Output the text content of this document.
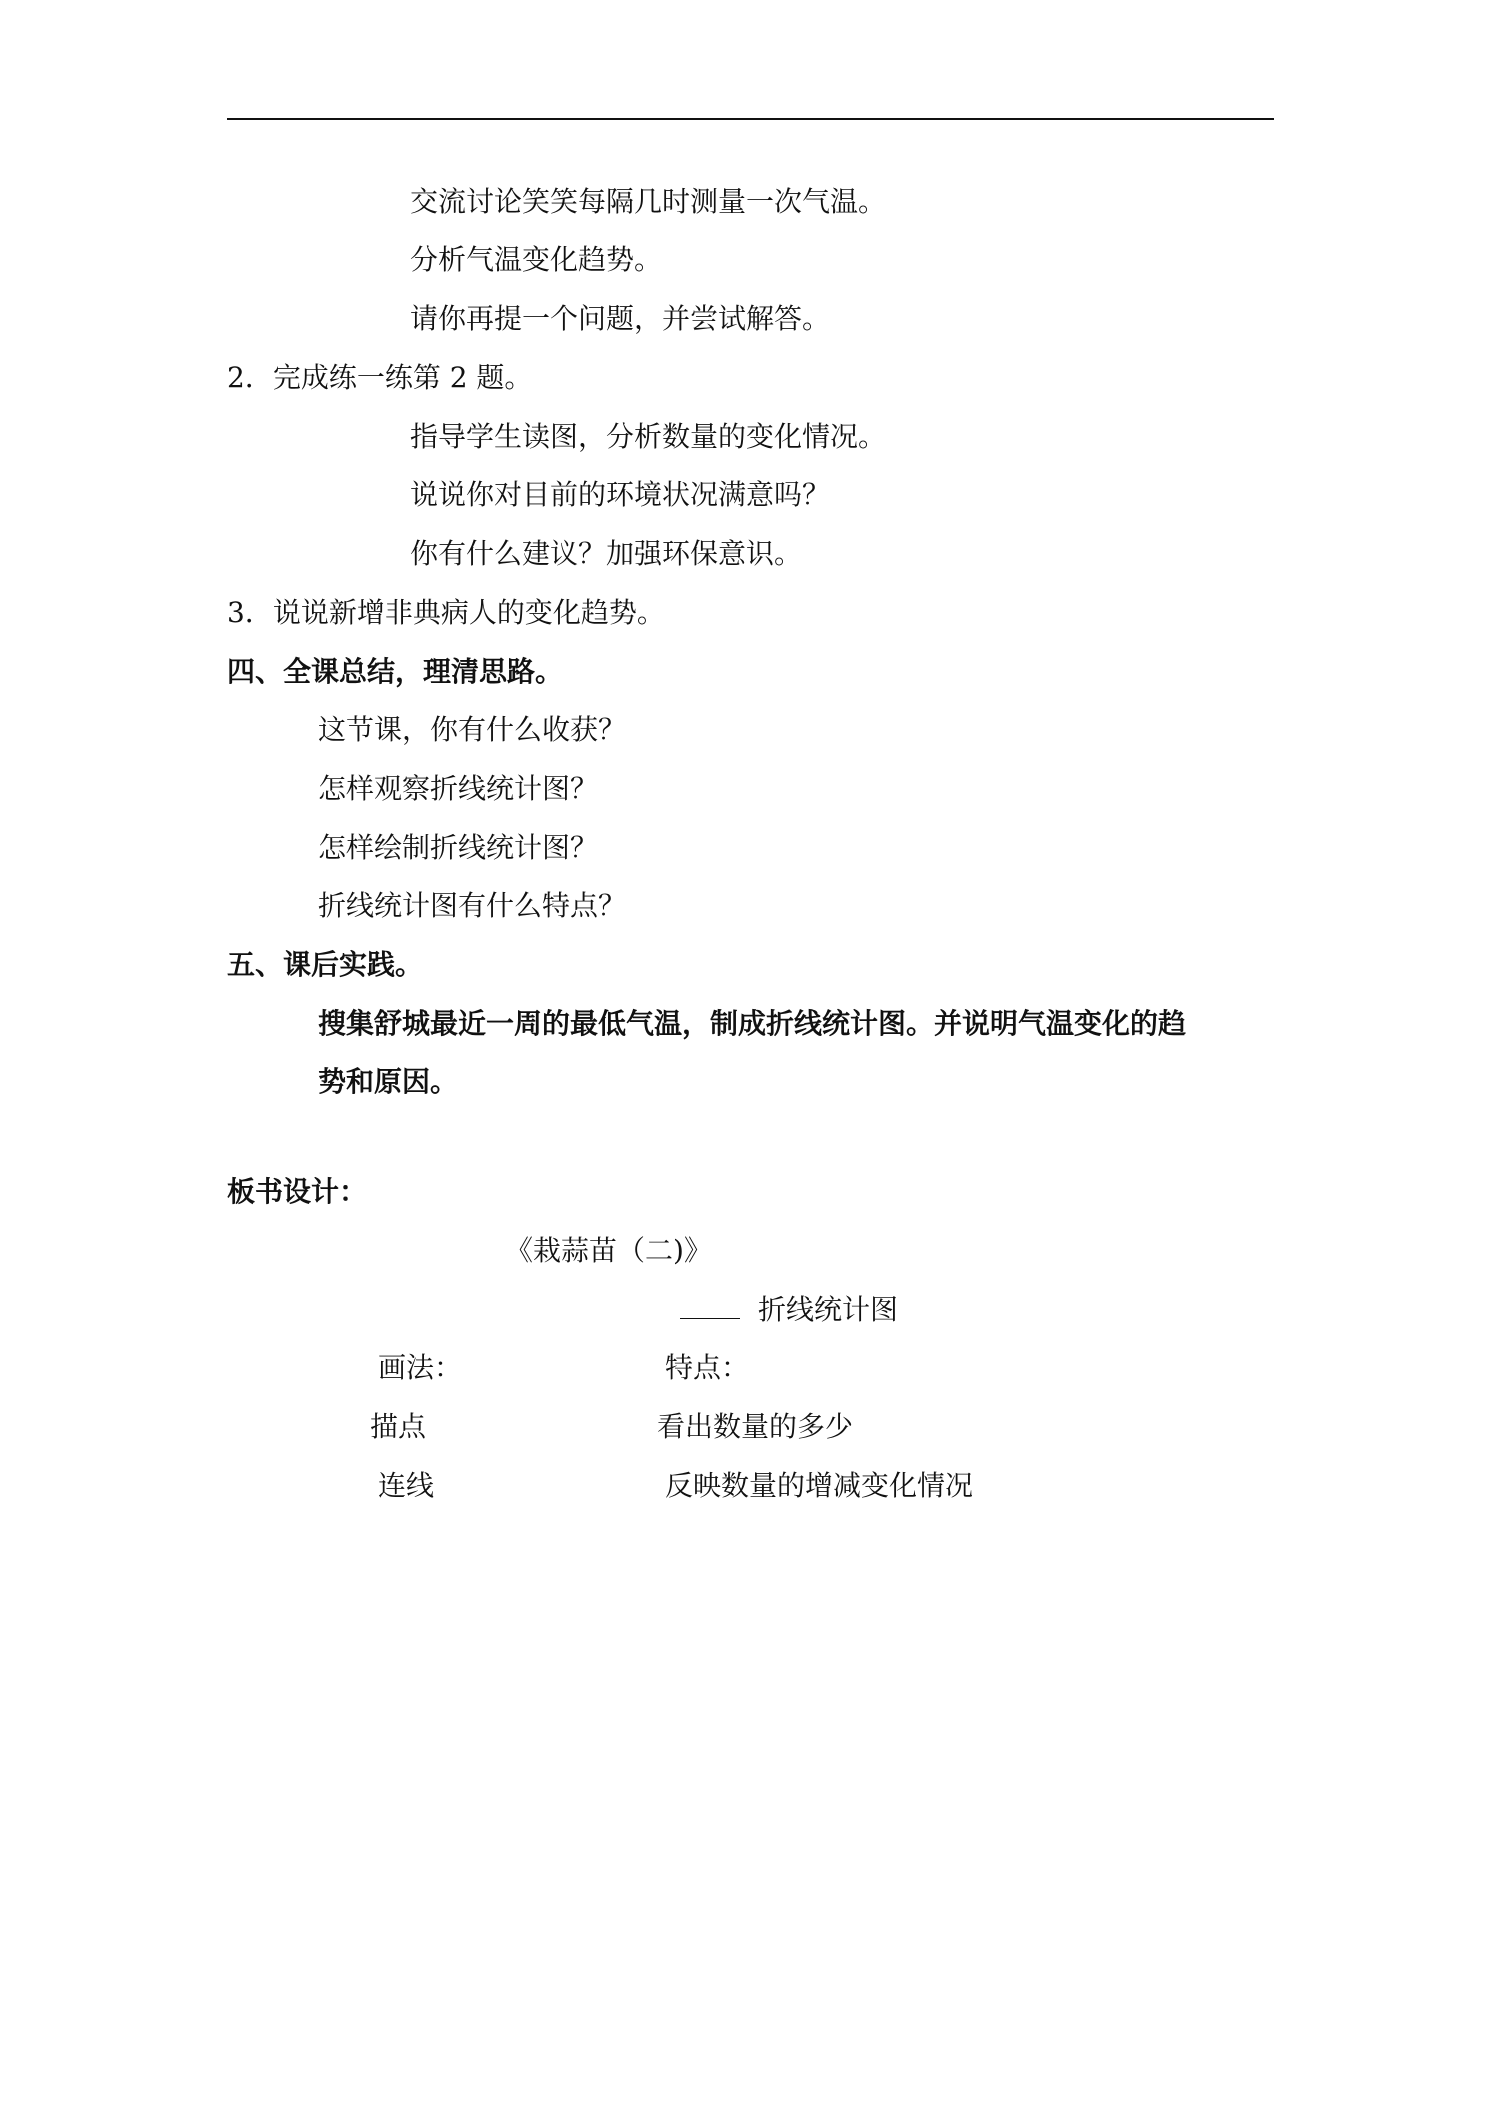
交流讨论笑笑每隔几时测量一次气温。
分析气温变化趋势。
请你再提一个问题，并尝试解答。
2．完成练一练第 2 题。
指导学生读图，分析数量的变化情况。
说说你对目前的环境状况满意吗？
你有什么建议？加强环保意识。
3．说说新增非典病人的变化趋势。
四、全课总结，理清思路。
这节课，你有什么收获？
怎样观察折线统计图？
怎样绘制折线统计图？
折线统计图有什么特点？
五、课后实践。
搜集舒城最近一周的最低气温，制成折线统计图。并说明气温变化的趋
势和原因。
板书设计：
《栽蒜苗（二)》
折线统计图
画法：	特点：
描点	看出数量的多少
连线	反映数量的增减变化情况
